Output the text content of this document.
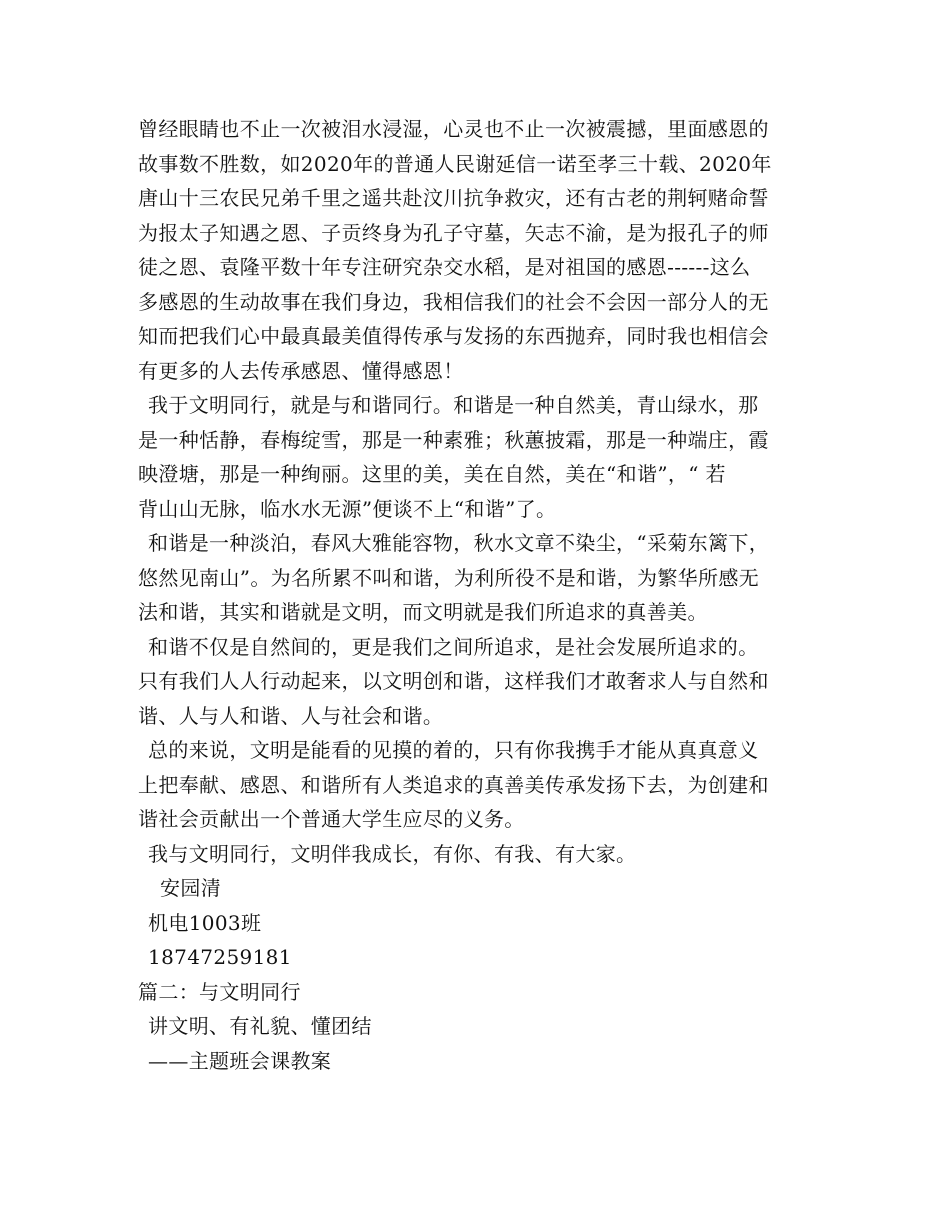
曾经眼睛也不止一次被泪水浸湿，心灵也不止一次被震撼，里面感恩的
故事数不胜数，如2020年的普通人民谢延信一诺至孝三十载、2020年
唐山十三农民兄弟千里之遥共赴汶川抗争救灾，还有古老的荆轲赌命誓
为报太子知遇之恩、子贡终身为孔子守墓，矢志不渝，是为报孔子的师
徒之恩、袁隆平数十年专注研究杂交水稻，是对祖国的感恩------这么
多感恩的生动故事在我们身边，我相信我们的社会不会因一部分人的无
知而把我们心中最真最美值得传承与发扬的东西抛弃，同时我也相信会
有更多的人去传承感恩、懂得感恩！
我于文明同行，就是与和谐同行。和谐是一种自然美，青山绿水，那
是一种恬静，春梅绽雪，那是一种素雅；秋蕙披霜，那是一种端庄，霞
映澄塘，那是一种绚丽。这里的美，美在自然，美在“和谐”，“ 若
背山山无脉，临水水无源”便谈不上“和谐”了。
和谐是一种淡泊，春风大雅能容物，秋水文章不染尘，“采菊东篱下，
悠然见南山”。为名所累不叫和谐，为利所役不是和谐，为繁华所感无
法和谐，其实和谐就是文明，而文明就是我们所追求的真善美。
和谐不仅是自然间的，更是我们之间所追求，是社会发展所追求的。
只有我们人人行动起来，以文明创和谐，这样我们才敢奢求人与自然和
谐、人与人和谐、人与社会和谐。
总的来说，文明是能看的见摸的着的，只有你我携手才能从真真意义
上把奉献、感恩、和谐所有人类追求的真善美传承发扬下去，为创建和
谐社会贡献出一个普通大学生应尽的义务。
我与文明同行，文明伴我成长，有你、有我、有大家。
安园清
机电1003班
18747259181
篇二：与文明同行
讲文明、有礼貌、懂团结
——主题班会课教案
